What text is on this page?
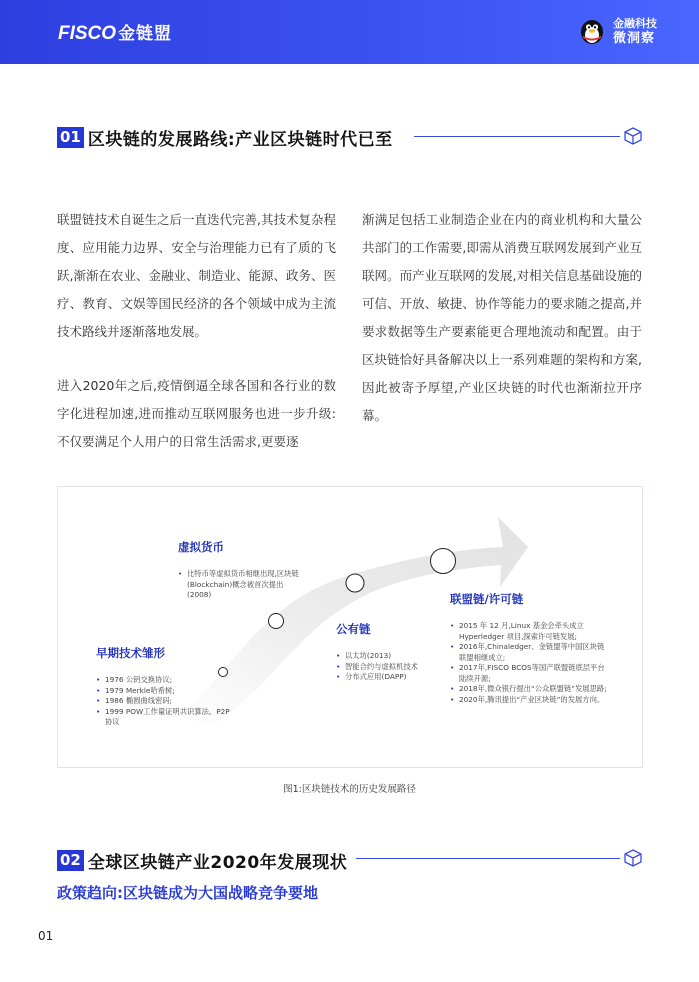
FISCO 金链盟
金融科技
微洞察
01 区块链的发展路线:产业区块链时代已至

联盟链技术自诞生之后一直迭代完善,其技术复杂程度、应用能力边界、安全与治理能力已有了质的飞跃,渐渐在农业、金融业、制造业、能源、政务、医疗、教育、文娱等国民经济的各个领域中成为主流技术路线并逐渐落地发展。

进入2020年之后,疫情倒逼全球各国和各行业的数字化进程加速,进而推动互联网服务也进一步升级:不仅要满足个人用户的日常生活需求,更要逐

渐满足包括工业制造企业在内的商业机构和大量公共部门的工作需要,即需从消费互联网发展到产业互联网。而产业互联网的发展,对相关信息基础设施的可信、开放、敏捷、协作等能力的要求随之提高,并要求数据等生产要素能更合理地流动和配置。由于区块链恰好具备解决以上一系列难题的架构和方案,因此被寄予厚望,产业区块链的时代也渐渐拉开序幕。

早期技术雏形
• 1976 公钥交换协议;
• 1979 Merkle哈希树;
• 1986 椭圆曲线密码;
• 1999 POW工作量证明共识算法、P2P协议
虚拟货币
• 比特币等虚拟货币相继出现,区块链(Blockchain)概念被首次提出(2008)
公有链
• 以太坊(2013)
• 智能合约与虚拟机技术
• 分布式应用(DAPP)
联盟链/许可链
• 2015 年 12 月,Linux 基金会牵头成立 Hyperledger 项目,探索许可链发展;
• 2016年,Chinaledger、金链盟等中国区块链联盟相继成立;
• 2017年,FISCO BCOS等国产联盟链底层平台陆续开源;
• 2018年,微众银行提出“公众联盟链”发展思路;
• 2020年,腾讯提出“产业区块链”的发展方向。
图1:区块链技术的历史发展路径
02 全球区块链产业2020年发展现状
政策趋向:区块链成为大国战略竞争要地
01
